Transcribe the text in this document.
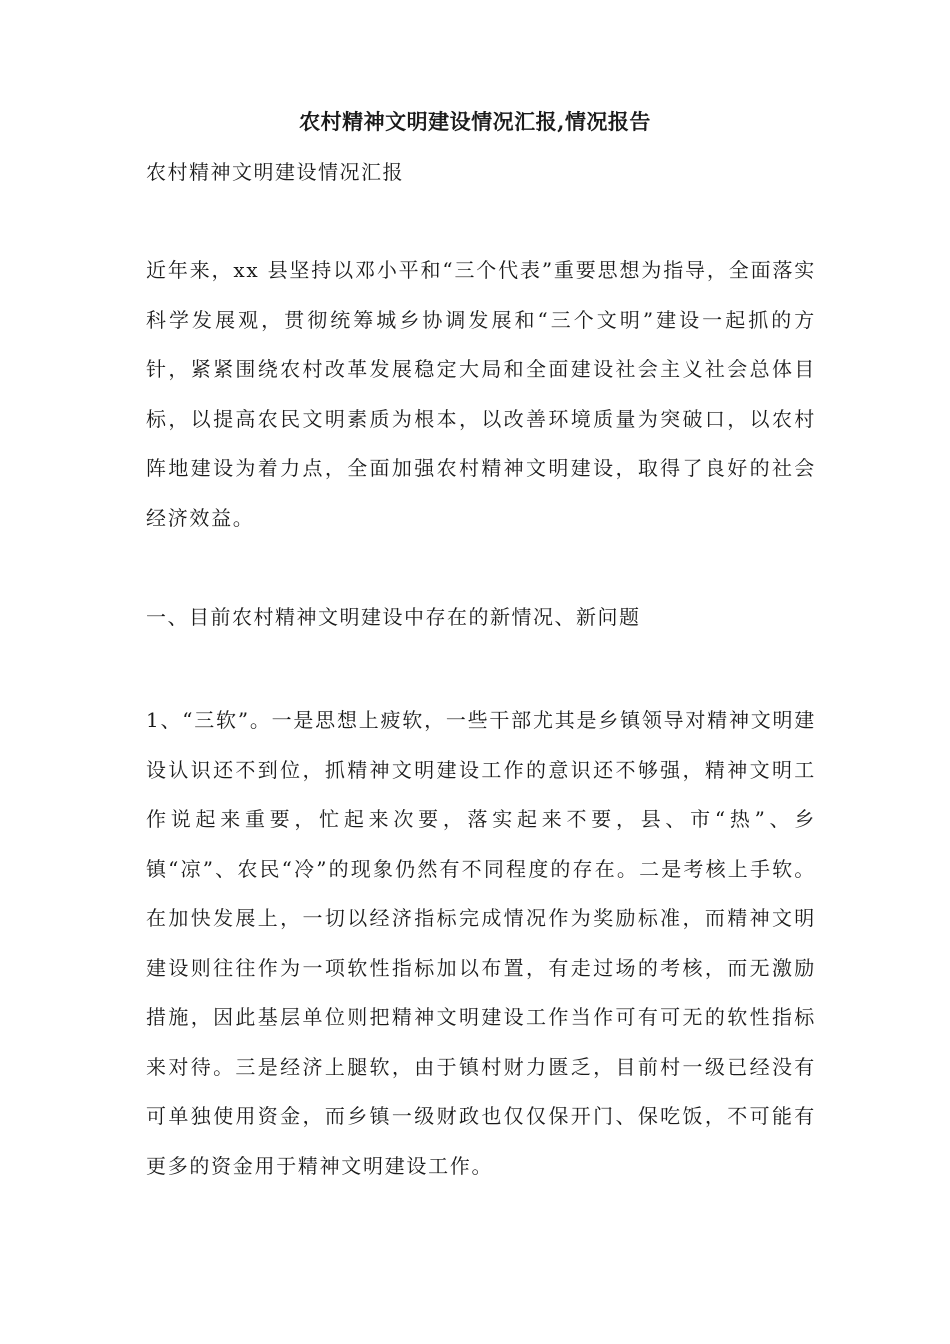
农村精神文明建设情况汇报,情况报告
农村精神文明建设情况汇报

近年来，xx 县坚持以邓小平和“三个代表”重要思想为指导，全面落实科学发展观，贯彻统筹城乡协调发展和“三个文明”建设一起抓的方针，紧紧围绕农村改革发展稳定大局和全面建设社会主义社会总体目标，以提高农民文明素质为根本，以改善环境质量为突破口，以农村阵地建设为着力点，全面加强农村精神文明建设，取得了良好的社会经济效益。

一、目前农村精神文明建设中存在的新情况、新问题

1、“三软”。一是思想上疲软，一些干部尤其是乡镇领导对精神文明建设认识还不到位，抓精神文明建设工作的意识还不够强，精神文明工作说起来重要，忙起来次要，落实起来不要，县、市“热”、乡镇“凉”、农民“冷”的现象仍然有不同程度的存在。二是考核上手软。在加快发展上，一切以经济指标完成情况作为奖励标准，而精神文明建设则往往作为一项软性指标加以布置，有走过场的考核，而无激励措施，因此基层单位则把精神文明建设工作当作可有可无的软性指标来对待。三是经济上腿软，由于镇村财力匮乏，目前村一级已经没有可单独使用资金，而乡镇一级财政也仅仅保开门、保吃饭，不可能有更多的资金用于精神文明建设工作。
